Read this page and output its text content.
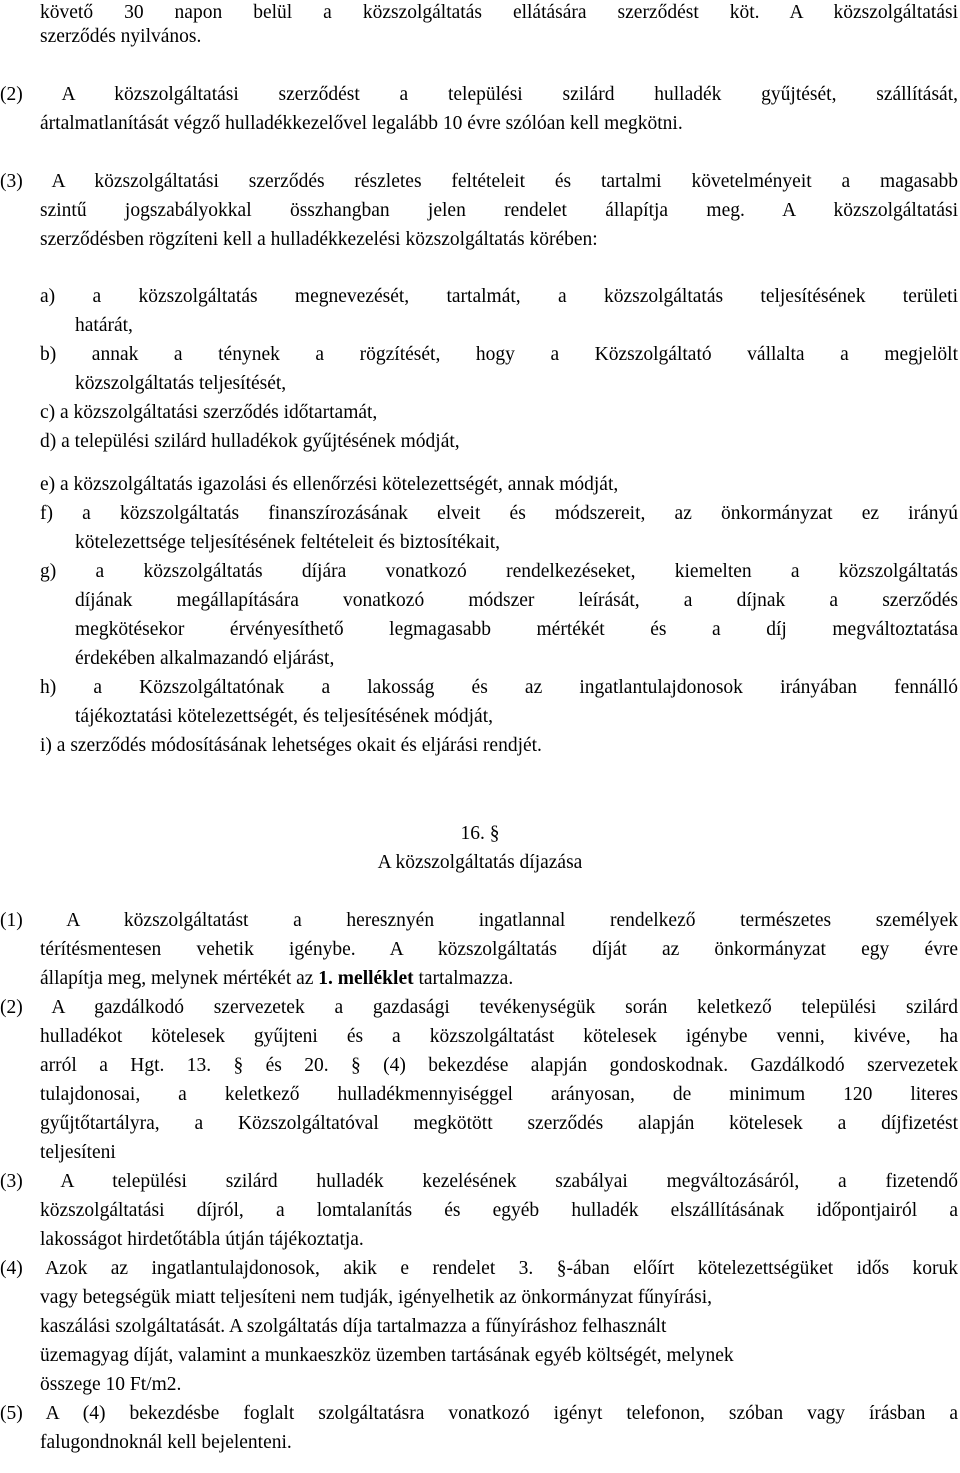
követő 30 napon belül a közszolgáltatás ellátására szerződést köt. A közszolgáltatási
szerződés nyilvános.
(2) A közszolgáltatási szerződést a települési szilárd hulladék gyűjtését, szállítását,
ártalmatlanítását végző hulladékkezelővel legalább 10 évre szólóan kell megkötni.
(3) A közszolgáltatási szerződés részletes feltételeit és tartalmi követelményeit a magasabb
szintű jogszabályokkal összhangban jelen rendelet állapítja meg. A közszolgáltatási
szerződésben rögzíteni kell a hulladékkezelési közszolgáltatás körében:
a) a közszolgáltatás megnevezését, tartalmát, a közszolgáltatás teljesítésének területi
határát,
b) annak a ténynek a rögzítését, hogy a Közszolgáltató vállalta a megjelölt
közszolgáltatás teljesítését,
c) a közszolgáltatási szerződés időtartamát,
d) a települési szilárd hulladékok gyűjtésének módját,
e) a közszolgáltatás igazolási és ellenőrzési kötelezettségét, annak módját,
f) a közszolgáltatás finanszírozásának elveit és módszereit, az önkormányzat ez irányú
kötelezettsége teljesítésének feltételeit és biztosítékait,
g) a közszolgáltatás díjára vonatkozó rendelkezéseket, kiemelten a közszolgáltatás
díjának megállapítására vonatkozó módszer leírását, a díjnak a szerződés
megkötésekor érvényesíthető legmagasabb mértékét és a díj megváltoztatása
érdekében alkalmazandó eljárást,
h) a Közszolgáltatónak a lakosság és az ingatlantulajdonosok irányában fennálló
tájékoztatási kötelezettségét, és teljesítésének módját,
i) a szerződés módosításának lehetséges okait és eljárási rendjét.
16. §
A közszolgáltatás díjazása
(1) A közszolgáltatást a heresznyén ingatlannal rendelkező természetes személyek
térítésmentesen vehetik igénybe. A közszolgáltatás díját az önkormányzat egy évre
állapítja meg, melynek mértékét az 1. melléklet tartalmazza.
(2) A gazdálkodó szervezetek a gazdasági tevékenységük során keletkező települési szilárd
hulladékot kötelesek gyűjteni és a közszolgáltatást kötelesek igénybe venni, kivéve, ha
arról a Hgt. 13. § és 20. § (4) bekezdése alapján gondoskodnak. Gazdálkodó szervezetek
tulajdonosai, a keletkező hulladékmennyiséggel arányosan, de minimum 120 literes
gyűjtőtartályra, a Közszolgáltatóval megkötött szerződés alapján kötelesek a díjfizetést
teljesíteni
(3) A települési szilárd hulladék kezelésének szabályai megváltozásáról, a fizetendő
közszolgáltatási díjról, a lomtalanítás és egyéb hulladék elszállításának időpontjairól a
lakosságot hirdetőtábla útján tájékoztatja.
(4) Azok az ingatlantulajdonosok, akik e rendelet 3. §-ában előírt kötelezettségüket idős koruk
vagy betegségük miatt teljesíteni nem tudják, igényelhetik az önkormányzat fűnyírási,
kaszálási szolgáltatását. A szolgáltatás díja tartalmazza a fűnyíráshoz felhasznált
üzemagyag díját, valamint a munkaeszköz üzemben tartásának egyéb költségét, melynek
összege 10 Ft/m2.
(5) A (4) bekezdésbe foglalt szolgáltatásra vonatkozó igényt telefonon, szóban vagy írásban a
falugondnoknál kell bejelenteni.
